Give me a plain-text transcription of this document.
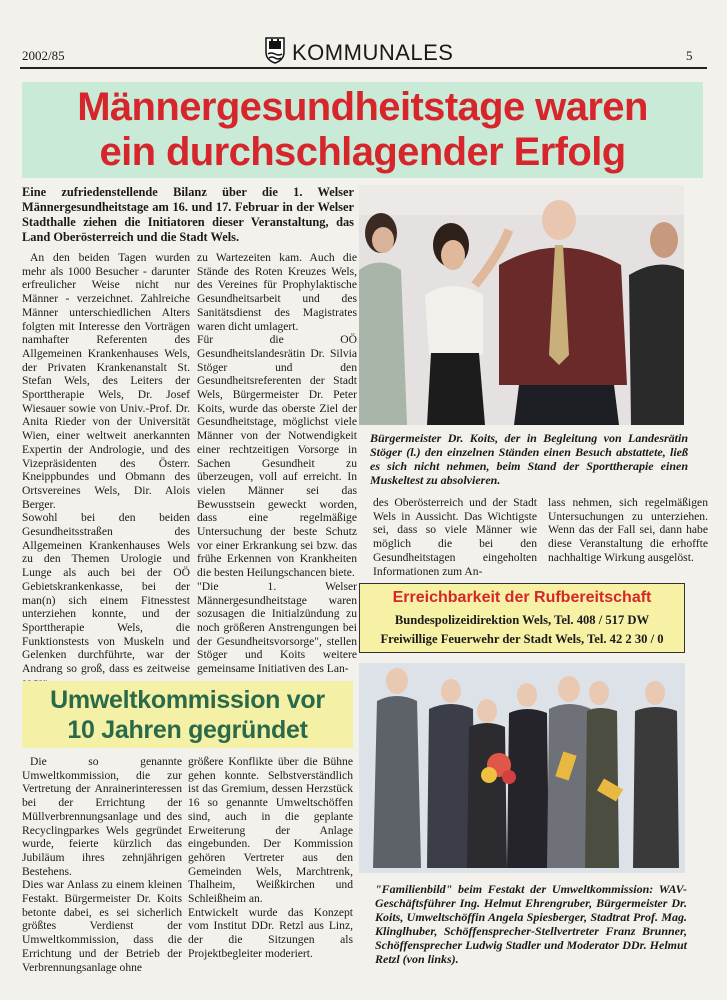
2002/85	KOMMUNALES	5
Männergesundheitstage waren
ein durchschlagender Erfolg
Eine zufriedenstellende Bilanz über die 1. Welser Männergesundheitstage am 16. und 17. Februar in der Welser Stadthalle ziehen die Initiatoren dieser Veranstaltung, das Land Oberösterreich und die Stadt Wels.

An den beiden Tagen wurden mehr als 1000 Besucher - darunter erfreulicher Weise nicht nur Männer - verzeichnet. Zahlreiche Männer unterschiedlichen Alters folgten mit Interesse den Vorträgen namhafter Referenten des Allgemeinen Krankenhauses Wels, der Privaten Krankenanstalt St. Stefan Wels, des Leiters der Sporttherapie Wels, Dr. Josef Wiesauer sowie von Univ.-Prof. Dr. Anita Rieder von der Universität Wien, einer weltweit anerkannten Expertin der Andrologie, und des Vizepräsidenten des Österr. Kneippbundes und Obmann des Ortsvereines Wels, Dir. Alois Berger.

Sowohl bei den beiden Gesundheitsstraßen des Allgemeinen Krankenhauses Wels zu den Themen Urologie und Lunge als auch bei der OÖ Gebietskrankenkasse, bei der man(n) sich einem Fitnesstest unterziehen konnte, und der Sporttherapie Wels, die Funktionstests von Muskeln und Gelenken durchführte, war der Andrang so groß, dass es zeitweise

zu Wartezeiten kam. Auch die Stände des Roten Kreuzes Wels, des Vereines für Prophylaktische Gesundheitsarbeit und des Sanitätsdienst des Magistrates waren dicht umlagert.

Für die OÖ Gesundheitslandesrätin Dr. Silvia Stöger und den Gesundheitsreferenten der Stadt Wels, Bürgermeister Dr. Peter Koits, wurde das oberste Ziel der Gesundheitstage, möglichst viele Männer von der Notwendigkeit einer rechtzeitigen Vorsorge in Sachen Gesundheit zu überzeugen, voll auf erreicht. In vielen Männer sei das Bewusstsein geweckt worden, dass eine regelmäßige Untersuchung der beste Schutz vor einer Erkrankung sei bzw. das frühe Erkennen von Krankheiten die besten Heilungschancen biete.

"Die 1. Welser Männergesundheitstage waren sozusagen die Initialzündung zu noch größeren Anstrengungen bei der Gesundheitsvorsorge", stellen Stöger und Koits weitere gemeinsame Initiativen des Lan-

Bürgermeister Dr. Koits, der in Begleitung von Landesrätin Stöger (l.) den einzelnen Ständen einen Besuch abstattete, ließ es sich nicht nehmen, beim Stand der Sporttherapie einen Muskeltest zu absolvieren.
des Oberösterreich und der Stadt Wels in Aussicht. Das Wichtigste sei, dass so viele Männer wie möglich die bei den Gesundheitstagen eingeholten Informationen zum An-
lass nehmen, sich regelmäßigen Untersuchungen zu unterziehen. Wenn das der Fall sei, dann habe diese Veranstaltung die erhoffte nachhaltige Wirkung ausgelöst.
Erreichbarkeit der Rufbereitschaft
Bundespolizeidirektion Wels, Tel. 408 / 517 DW
Freiwillige Feuerwehr der Stadt Wels, Tel. 42 2 30 / 0
Umweltkommission vor
10 Jahren gegründet

Die so genannte Umweltkommission, die zur Vertretung der Anrainerinteressen bei der Errichtung der Müllverbrennungsanlage und des Recyclingparkes Wels gegründet wurde, feierte kürzlich das Jubiläum ihres zehnjährigen Bestehens.

Dies war Anlass zu einem kleinen Festakt. Bürgermeister Dr. Koits betonte dabei, es sei sicherlich größtes Verdienst der Umweltkommission, dass die Errichtung und der Betrieb der Verbrennungsanlage ohne

größere Konflikte über die Bühne gehen konnte. Selbstverständlich ist das Gremium, dessen Herzstück 16 so genannte Umweltschöffen sind, auch in die geplante Erweiterung der Anlage eingebunden. Der Kommission gehören Vertreter aus den Gemeinden Wels, Marchtrenk, Thalheim, Weißkirchen und Schleißheim an.

Entwickelt wurde das Konzept vom Institut DDr. Retzl aus Linz, der die Sitzungen als Projektbegleiter moderiert.

"Familienbild" beim Festakt der Umweltkommission: WAV-Geschäftsführer Ing. Helmut Ehrengruber, Bürgermeister Dr. Koits, Umweltschöffin Angela Spiesberger, Stadtrat Prof. Mag. Klinglhuber, Schöffensprecher-Stellvertreter Franz Brunner, Schöffensprecher Ludwig Stadler und Moderator DDr. Helmut Retzl (von links).
